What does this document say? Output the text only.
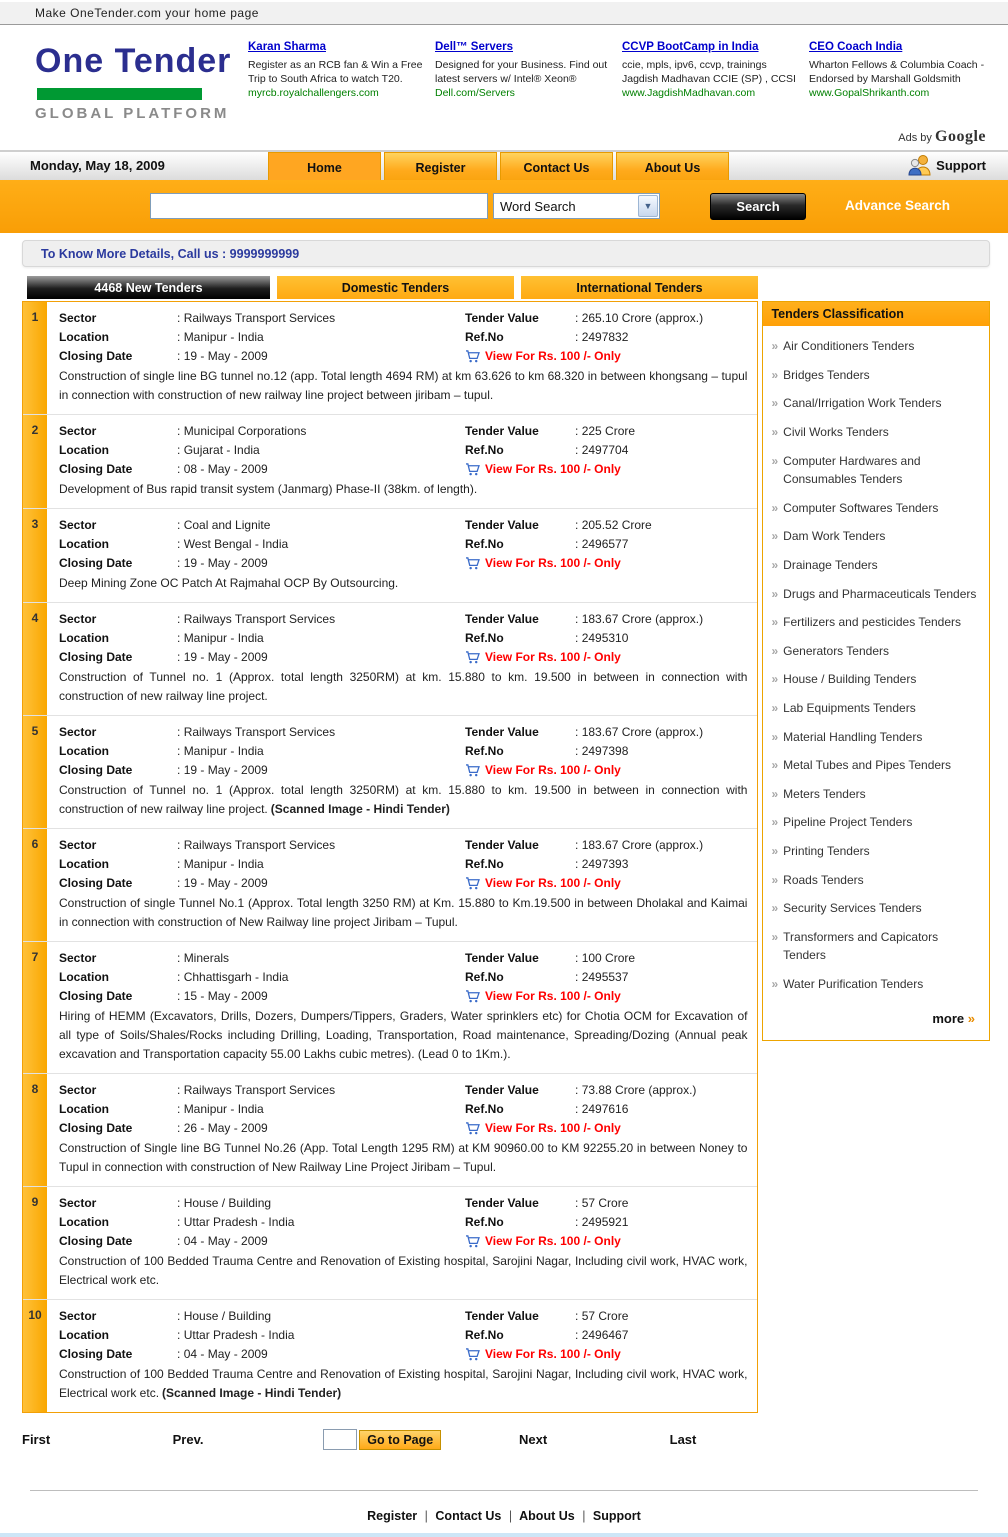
Make OneTender.com your home page
One Tender
GLOBAL PLATFORM
Karan Sharma
Register as an RCB fan & Win a Free Trip to South Africa to watch T20.
myrcb.royalchallengers.com
Dell™ Servers
Designed for your Business. Find out latest servers w/ Intel® Xeon®
Dell.com/Servers
CCVP BootCamp in India
ccie, mpls, ipv6, ccvp, trainings Jagdish Madhavan CCIE (SP) , CCSI
www.JagdishMadhavan.com
CEO Coach India
Wharton Fellows & Columbia Coach - Endorsed by Marshall Goldsmith
www.GopalShrikanth.com
Ads by Google
Monday, May 18, 2009	Home	Register	Contact Us	About Us	Support
Word Search	▼	Search	Advance Search
To Know More Details, Call us : 9999999999
4468 New Tenders	Domestic Tenders	International Tenders
1	Sector	: Railways Transport Services	Tender Value	: 265.10 Crore (approx.)
Location	: Manipur - India	Ref.No	: 2497832
Closing Date	: 19 - May - 2009	View For Rs. 100 /- Only
Construction of single line BG tunnel no.12 (app. Total length 4694 RM) at km 63.626 to km 68.320 in between khongsang – tupul in connection with construction of new railway line project between jiribam – tupul.
2	Sector	: Municipal Corporations	Tender Value	: 225 Crore
Location	: Gujarat - India	Ref.No	: 2497704
Closing Date	: 08 - May - 2009	View For Rs. 100 /- Only
Development of Bus rapid transit system (Janmarg) Phase-II (38km. of length).
3	Sector	: Coal and Lignite	Tender Value	: 205.52 Crore
Location	: West Bengal - India	Ref.No	: 2496577
Closing Date	: 19 - May - 2009	View For Rs. 100 /- Only
Deep Mining Zone OC Patch At Rajmahal OCP By Outsourcing.
4	Sector	: Railways Transport Services	Tender Value	: 183.67 Crore (approx.)
Location	: Manipur - India	Ref.No	: 2495310
Closing Date	: 19 - May - 2009	View For Rs. 100 /- Only
Construction of Tunnel no. 1 (Approx. total length 3250RM) at km. 15.880 to km. 19.500 in between in connection with construction of new railway line project.
5	Sector	: Railways Transport Services	Tender Value	: 183.67 Crore (approx.)
Location	: Manipur - India	Ref.No	: 2497398
Closing Date	: 19 - May - 2009	View For Rs. 100 /- Only
Construction of Tunnel no. 1 (Approx. total length 3250RM) at km. 15.880 to km. 19.500 in between in connection with construction of new railway line project. (Scanned Image - Hindi Tender)
6	Sector	: Railways Transport Services	Tender Value	: 183.67 Crore (approx.)
Location	: Manipur - India	Ref.No	: 2497393
Closing Date	: 19 - May - 2009	View For Rs. 100 /- Only
Construction of single Tunnel No.1 (Approx. Total length 3250 RM) at Km. 15.880 to Km.19.500 in between Dholakal and Kaimai in connection with construction of New Railway line project Jiribam – Tupul.
7	Sector	: Minerals	Tender Value	: 100 Crore
Location	: Chhattisgarh - India	Ref.No	: 2495537
Closing Date	: 15 - May - 2009	View For Rs. 100 /- Only
Hiring of HEMM (Excavators, Drills, Dozers, Dumpers/Tippers, Graders, Water sprinklers etc) for Chotia OCM for Excavation of all type of Soils/Shales/Rocks including Drilling, Loading, Transportation, Road maintenance, Spreading/Dozing (Annual peak excavation and Transportation capacity 55.00 Lakhs cubic metres). (Lead 0 to 1Km.).
8	Sector	: Railways Transport Services	Tender Value	: 73.88 Crore (approx.)
Location	: Manipur - India	Ref.No	: 2497616
Closing Date	: 26 - May - 2009	View For Rs. 100 /- Only
Construction of Single line BG Tunnel No.26 (App. Total Length 1295 RM) at KM 90960.00 to KM 92255.20 in between Noney to Tupul in connection with construction of New Railway Line Project Jiribam – Tupul.
9	Sector	: House / Building	Tender Value	: 57 Crore
Location	: Uttar Pradesh - India	Ref.No	: 2495921
Closing Date	: 04 - May - 2009	View For Rs. 100 /- Only
Construction of 100 Bedded Trauma Centre and Renovation of Existing hospital, Sarojini Nagar, Including civil work, HVAC work, Electrical work etc.
10	Sector	: House / Building	Tender Value	: 57 Crore
Location	: Uttar Pradesh - India	Ref.No	: 2496467
Closing Date	: 04 - May - 2009	View For Rs. 100 /- Only
Construction of 100 Bedded Trauma Centre and Renovation of Existing hospital, Sarojini Nagar, Including civil work, HVAC work, Electrical work etc. (Scanned Image - Hindi Tender)
Tenders Classification
» Air Conditioners Tenders
» Bridges Tenders
» Canal/Irrigation Work Tenders
» Civil Works Tenders
» Computer Hardwares and Consumables Tenders
» Computer Softwares Tenders
» Dam Work Tenders
» Drainage Tenders
» Drugs and Pharmaceuticals Tenders
» Fertilizers and pesticides Tenders
» Generators Tenders
» House / Building Tenders
» Lab Equipments Tenders
» Material Handling Tenders
» Metal Tubes and Pipes Tenders
» Meters Tenders
» Pipeline Project Tenders
» Printing Tenders
» Roads Tenders
» Security Services Tenders
» Transformers and Capicators Tenders
» Water Purification Tenders
more »
First	Prev.	Go to Page	Next	Last
Register | Contact Us | About Us | Support
